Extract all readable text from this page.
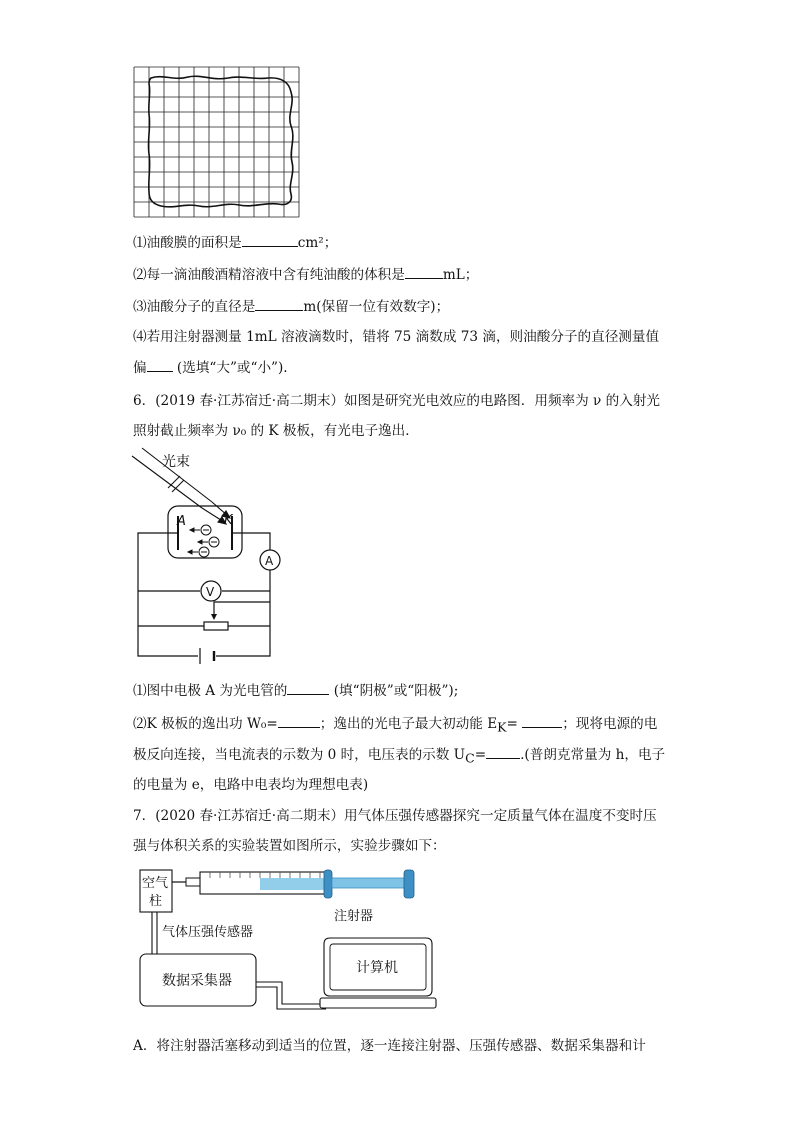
⑴油酸膜的面积是	cm²；
⑵每一滴油酸酒精溶液中含有纯油酸的体积是	mL；
⑶油酸分子的直径是	m(保留一位有效数字)；
⑷若用注射器测量 1mL 溶液滴数时，错将 75 滴数成 73 滴，则油酸分子的直径测量值
偏 (选填“大”或“小”).
6．(2019 春·江苏宿迁·高二期末）如图是研究光电效应的电路图．用频率为 ν 的入射光
照射截止频率为 ν₀ 的 K 极板，有光电子逸出．
光束
A	K
A
V
⑴图中电极 A 为光电管的	(填“阴极”或“阳极”);
⑵K 极板的逸出功 W₀=	；逸出的光电子最大初动能 $E_K=$	；现将电源的电
极反向连接，当电流表的示数为 0 时，电压表的示数 $U_C=$	.(普朗克常量为 h，电子
的电量为 e，电路中电表均为理想电表)
7．(2020 春·江苏宿迁·高二期末）用气体压强传感器探究一定质量气体在温度不变时压
强与体积关系的实验装置如图所示，实验步骤如下：
空气
柱
注射器
气体压强传感器
数据采集器
计算机
A．将注射器活塞移动到适当的位置，逐一连接注射器、压强传感器、数据采集器和计
